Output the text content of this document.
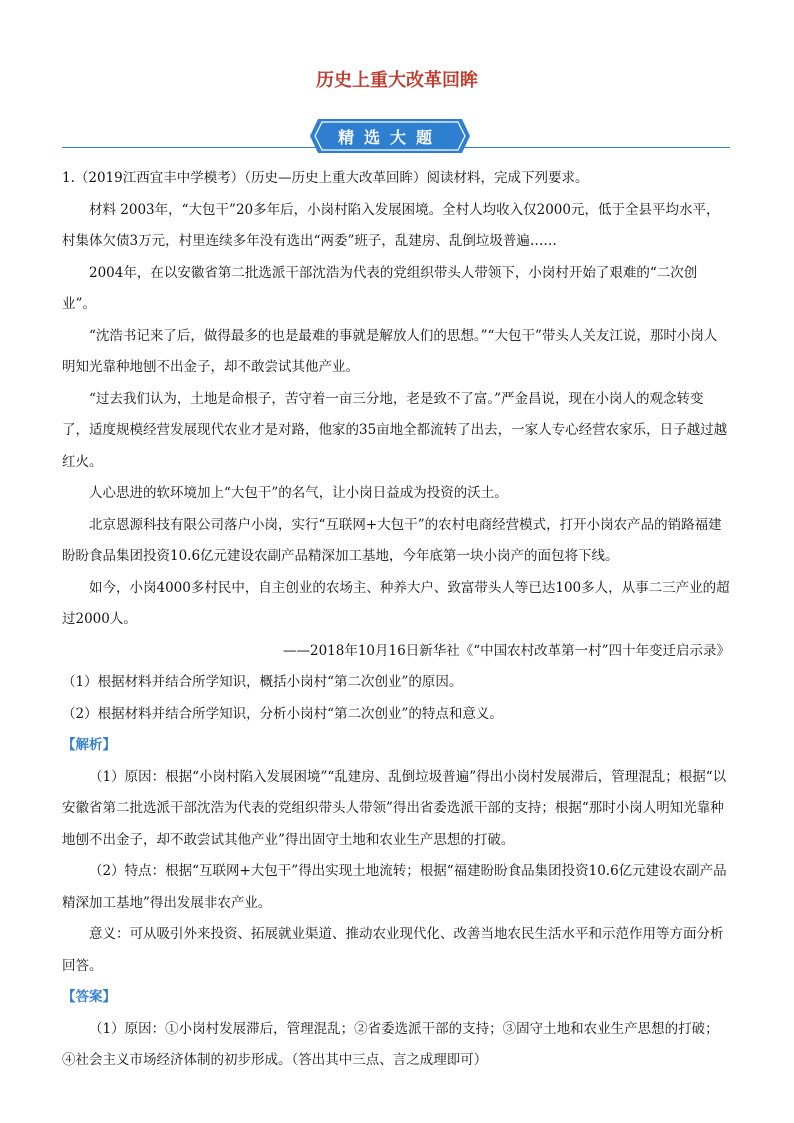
历史上重大改革回眸
精选大题

1.（2019江西宜丰中学模考）（历史—历史上重大改革回眸）阅读材料，完成下列要求。

材料 2003年，“大包干”20多年后，小岗村陷入发展困境。全村人均收入仅2000元，低于全县平均水平，村集体欠债3万元，村里连续多年没有选出“两委”班子，乱建房、乱倒垃圾普遍……

2004年，在以安徽省第二批选派干部沈浩为代表的党组织带头人带领下，小岗村开始了艰难的“二次创业”。

“沈浩书记来了后，做得最多的也是最难的事就是解放人们的思想。”“大包干”带头人关友江说，那时小岗人明知光靠种地刨不出金子，却不敢尝试其他产业。

“过去我们认为，土地是命根子，苦守着一亩三分地，老是致不了富。”严金昌说，现在小岗人的观念转变了，适度规模经营发展现代农业才是对路，他家的35亩地全都流转了出去，一家人专心经营农家乐，日子越过越红火。

人心思进的软环境加上“大包干”的名气，让小岗日益成为投资的沃土。

北京恩源科技有限公司落户小岗，实行“互联网+大包干”的农村电商经营模式，打开小岗农产品的销路福建盼盼食品集团投资10.6亿元建设农副产品精深加工基地，今年底第一块小岗产的面包将下线。

如今，小岗4000多村民中，自主创业的农场主、种养大户、致富带头人等已达100多人，从事二三产业的超过2000人。

——2018年10月16日新华社《“中国农村改革第一村”四十年变迁启示录》

（1）根据材料并结合所学知识，概括小岗村“第二次创业”的原因。

（2）根据材料并结合所学知识，分析小岗村“第二次创业”的特点和意义。

【解析】

（1）原因：根据“小岗村陷入发展困境”“乱建房、乱倒垃圾普遍”得出小岗村发展滞后，管理混乱；根据“以安徽省第二批选派干部沈浩为代表的党组织带头人带领”得出省委选派干部的支持；根据“那时小岗人明知光靠种地刨不出金子，却不敢尝试其他产业”得出固守土地和农业生产思想的打破。

（2）特点：根据“互联网+大包干”得出实现土地流转；根据“福建盼盼食品集团投资10.6亿元建设农副产品精深加工基地”得出发展非农产业。

意义：可从吸引外来投资、拓展就业渠道、推动农业现代化、改善当地农民生活水平和示范作用等方面分析回答。

【答案】

（1）原因：①小岗村发展滞后，管理混乱；②省委选派干部的支持；③固守土地和农业生产思想的打破；④社会主义市场经济体制的初步形成。（答出其中三点、言之成理即可）
